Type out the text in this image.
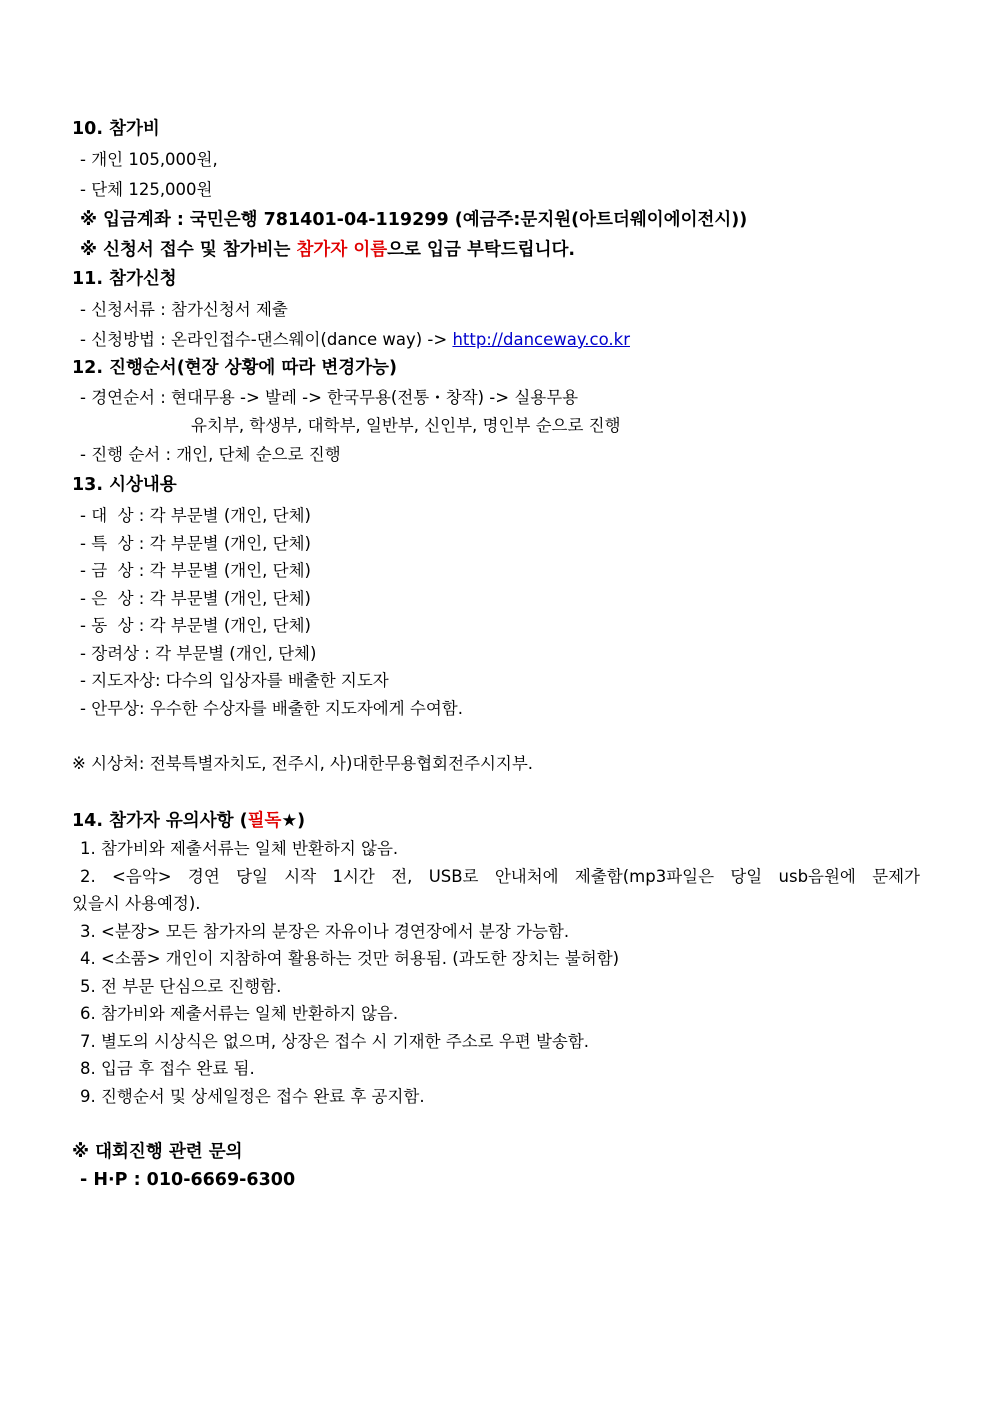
10. 참가비
- 개인 105,000원,
- 단체 125,000원
※ 입금계좌 : 국민은행 781401-04-119299 (예금주:문지원(아트더웨이에이전시))
※ 신청서 접수 및 참가비는 참가자 이름으로 입금 부탁드립니다.
11. 참가신청
- 신청서류 : 참가신청서 제출
- 신청방법 : 온라인접수-댄스웨이(dance way) -> http://danceway.co.kr
12. 진행순서(현장 상황에 따라 변경가능)
- 경연순서 : 현대무용 -> 발레 -> 한국무용(전통・창작) -> 실용무용
유치부, 학생부, 대학부, 일반부, 신인부, 명인부 순으로 진행
- 진행 순서 : 개인, 단체 순으로 진행
13. 시상내용
- 대  상 : 각 부문별 (개인, 단체)
- 특  상 : 각 부문별 (개인, 단체)
- 금  상 : 각 부문별 (개인, 단체)
- 은  상 : 각 부문별 (개인, 단체)
- 동  상 : 각 부문별 (개인, 단체)
- 장려상 : 각 부문별 (개인, 단체)
- 지도자상: 다수의 입상자를 배출한 지도자
- 안무상: 우수한 수상자를 배출한 지도자에게 수여함.
※ 시상처: 전북특별자치도, 전주시, 사)대한무용협회전주시지부.
14. 참가자 유의사항 (필독★)
1. 참가비와 제출서류는 일체 반환하지 않음.
2. <음악> 경연 당일 시작 1시간 전, USB로 안내처에 제출함(mp3파일은 당일 usb음원에 문제가
있을시 사용예정).
3. <분장> 모든 참가자의 분장은 자유이나 경연장에서 분장 가능함.
4. <소품> 개인이 지참하여 활용하는 것만 허용됨. (과도한 장치는 불허함)
5. 전 부문 단심으로 진행함.
6. 참가비와 제출서류는 일체 반환하지 않음.
7. 별도의 시상식은 없으며, 상장은 접수 시 기재한 주소로 우편 발송함.
8. 입금 후 접수 완료 됨.
9. 진행순서 및 상세일정은 접수 완료 후 공지함.
※ 대회진행 관련 문의
- H·P : 010-6669-6300
